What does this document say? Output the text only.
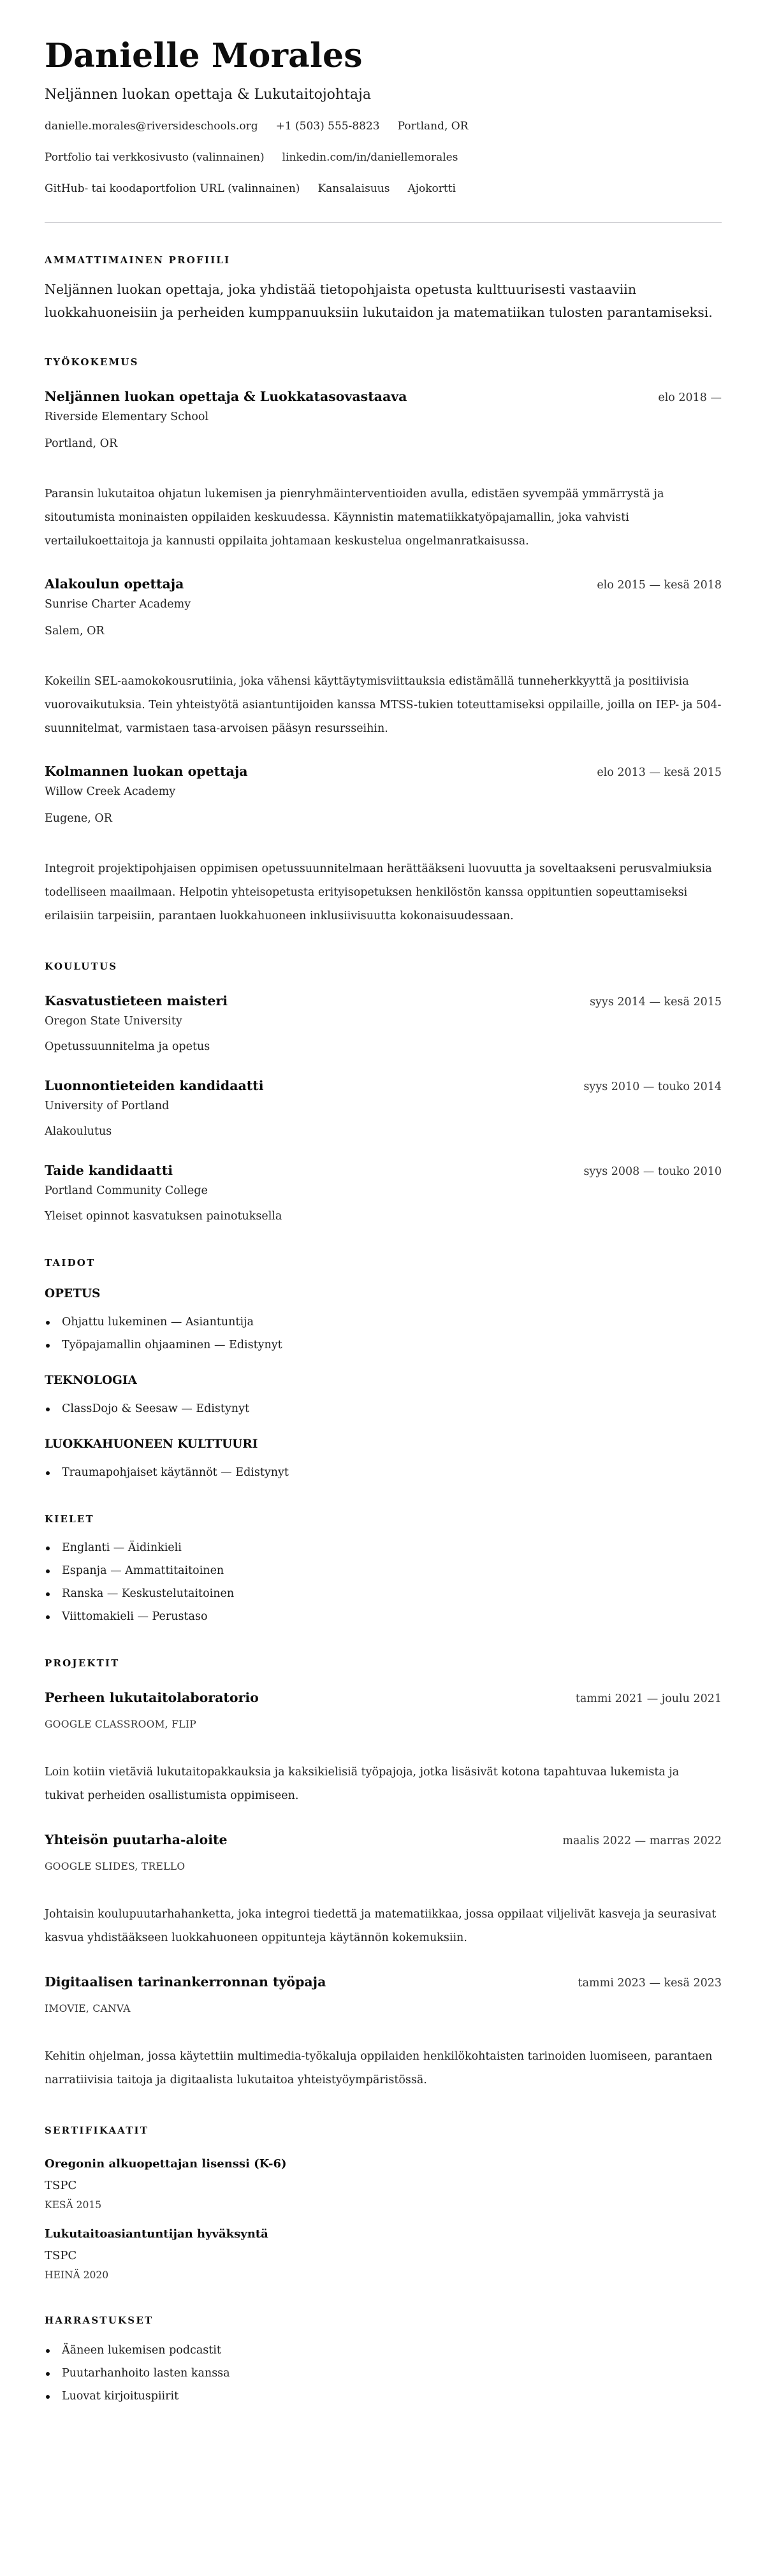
Danielle Morales
Neljännen luokan opettaja & Lukutaitojohtaja
danielle.morales@riversideschools.org +1 (503) 555-8823 Portland, OR
Portfolio tai verkkosivusto (valinnainen) linkedin.com/in/daniellemorales
GitHub- tai koodaportfolion URL (valinnainen) Kansalaisuus Ajokortti
AMMATTIMAINEN PROFIILI

Neljännen luokan opettaja, joka yhdistää tietopohjaista opetusta kulttuurisesti vastaaviin luokkahuoneisiin ja perheiden kumppanuuksiin lukutaidon ja matematiikan tulosten parantamiseksi.

TYÖKOKEMUS
Neljännen luokan opettaja & Luokkatasovastaava	elo 2018 —
Riverside Elementary School
Portland, OR

Paransin lukutaitoa ohjatun lukemisen ja pienryhmäinterventioiden avulla, edistäen syvempää ymmärrystä ja sitoutumista moninaisten oppilaiden keskuudessa. Käynnistin matematiikkatyöpajamallin, joka vahvisti vertailukoettaitoja ja kannusti oppilaita johtamaan keskustelua ongelmanratkaisussa.

Alakoulun opettaja	elo 2015 — kesä 2018
Sunrise Charter Academy
Salem, OR

Kokeilin SEL-aamokokousrutiinia, joka vähensi käyttäytymisviittauksia edistämällä tunneherkkyyttä ja positiivisia vuorovaikutuksia. Tein yhteistyötä asiantuntijoiden kanssa MTSS-tukien toteuttamiseksi oppilaille, joilla on IEP- ja 504-suunnitelmat, varmistaen tasa-arvoisen pääsyn resursseihin.

Kolmannen luokan opettaja	elo 2013 — kesä 2015
Willow Creek Academy
Eugene, OR

Integroit projektipohjaisen oppimisen opetussuunnitelmaan herättääkseni luovuutta ja soveltaakseni perusvalmiuksia todelliseen maailmaan. Helpotin yhteisopetusta erityisopetuksen henkilöstön kanssa oppituntien sopeuttamiseksi erilaisiin tarpeisiin, parantaen luokkahuoneen inklusiivisuutta kokonaisuudessaan.

KOULUTUS
Kasvatustieteen maisteri	syys 2014 — kesä 2015
Oregon State University
Opetussuunnitelma ja opetus
Luonnontieteiden kandidaatti	syys 2010 — touko 2014
University of Portland
Alakoulutus
Taide kandidaatti	syys 2008 — touko 2010
Portland Community College
Yleiset opinnot kasvatuksen painotuksella
TAIDOT
OPETUS
Ohjattu lukeminen — Asiantuntija
Työpajamallin ohjaaminen — Edistynyt
TEKNOLOGIA
ClassDojo & Seesaw — Edistynyt
LUOKKAHUONEEN KULTTUURI
Traumapohjaiset käytännöt — Edistynyt
KIELET
Englanti — Äidinkieli
Espanja — Ammattitaitoinen
Ranska — Keskustelutaitoinen
Viittomakieli — Perustaso
PROJEKTIT
Perheen lukutaitolaboratorio	tammi 2021 — joulu 2021
GOOGLE CLASSROOM, FLIP

Loin kotiin vietäviä lukutaitopakkauksia ja kaksikielisiä työpajoja, jotka lisäsivät kotona tapahtuvaa lukemista ja tukivat perheiden osallistumista oppimiseen.

Yhteisön puutarha-aloite	maalis 2022 — marras 2022
GOOGLE SLIDES, TRELLO

Johtaisin koulupuutarhahanketta, joka integroi tiedettä ja matematiikkaa, jossa oppilaat viljelivät kasveja ja seurasivat kasvua yhdistääkseen luokkahuoneen oppitunteja käytännön kokemuksiin.

Digitaalisen tarinankerronnan työpaja	tammi 2023 — kesä 2023
IMOVIE, CANVA

Kehitin ohjelman, jossa käytettiin multimedia-työkaluja oppilaiden henkilökohtaisten tarinoiden luomiseen, parantaen narratiivisia taitoja ja digitaalista lukutaitoa yhteistyöympäristössä.

SERTIFIKAATIT
Oregonin alkuopettajan lisenssi (K-6)
TSPC
KESÄ 2015
Lukutaitoasiantuntijan hyväksyntä
TSPC
HEINÄ 2020
HARRASTUKSET
Ääneen lukemisen podcastit
Puutarhanhoito lasten kanssa
Luovat kirjoituspiirit
